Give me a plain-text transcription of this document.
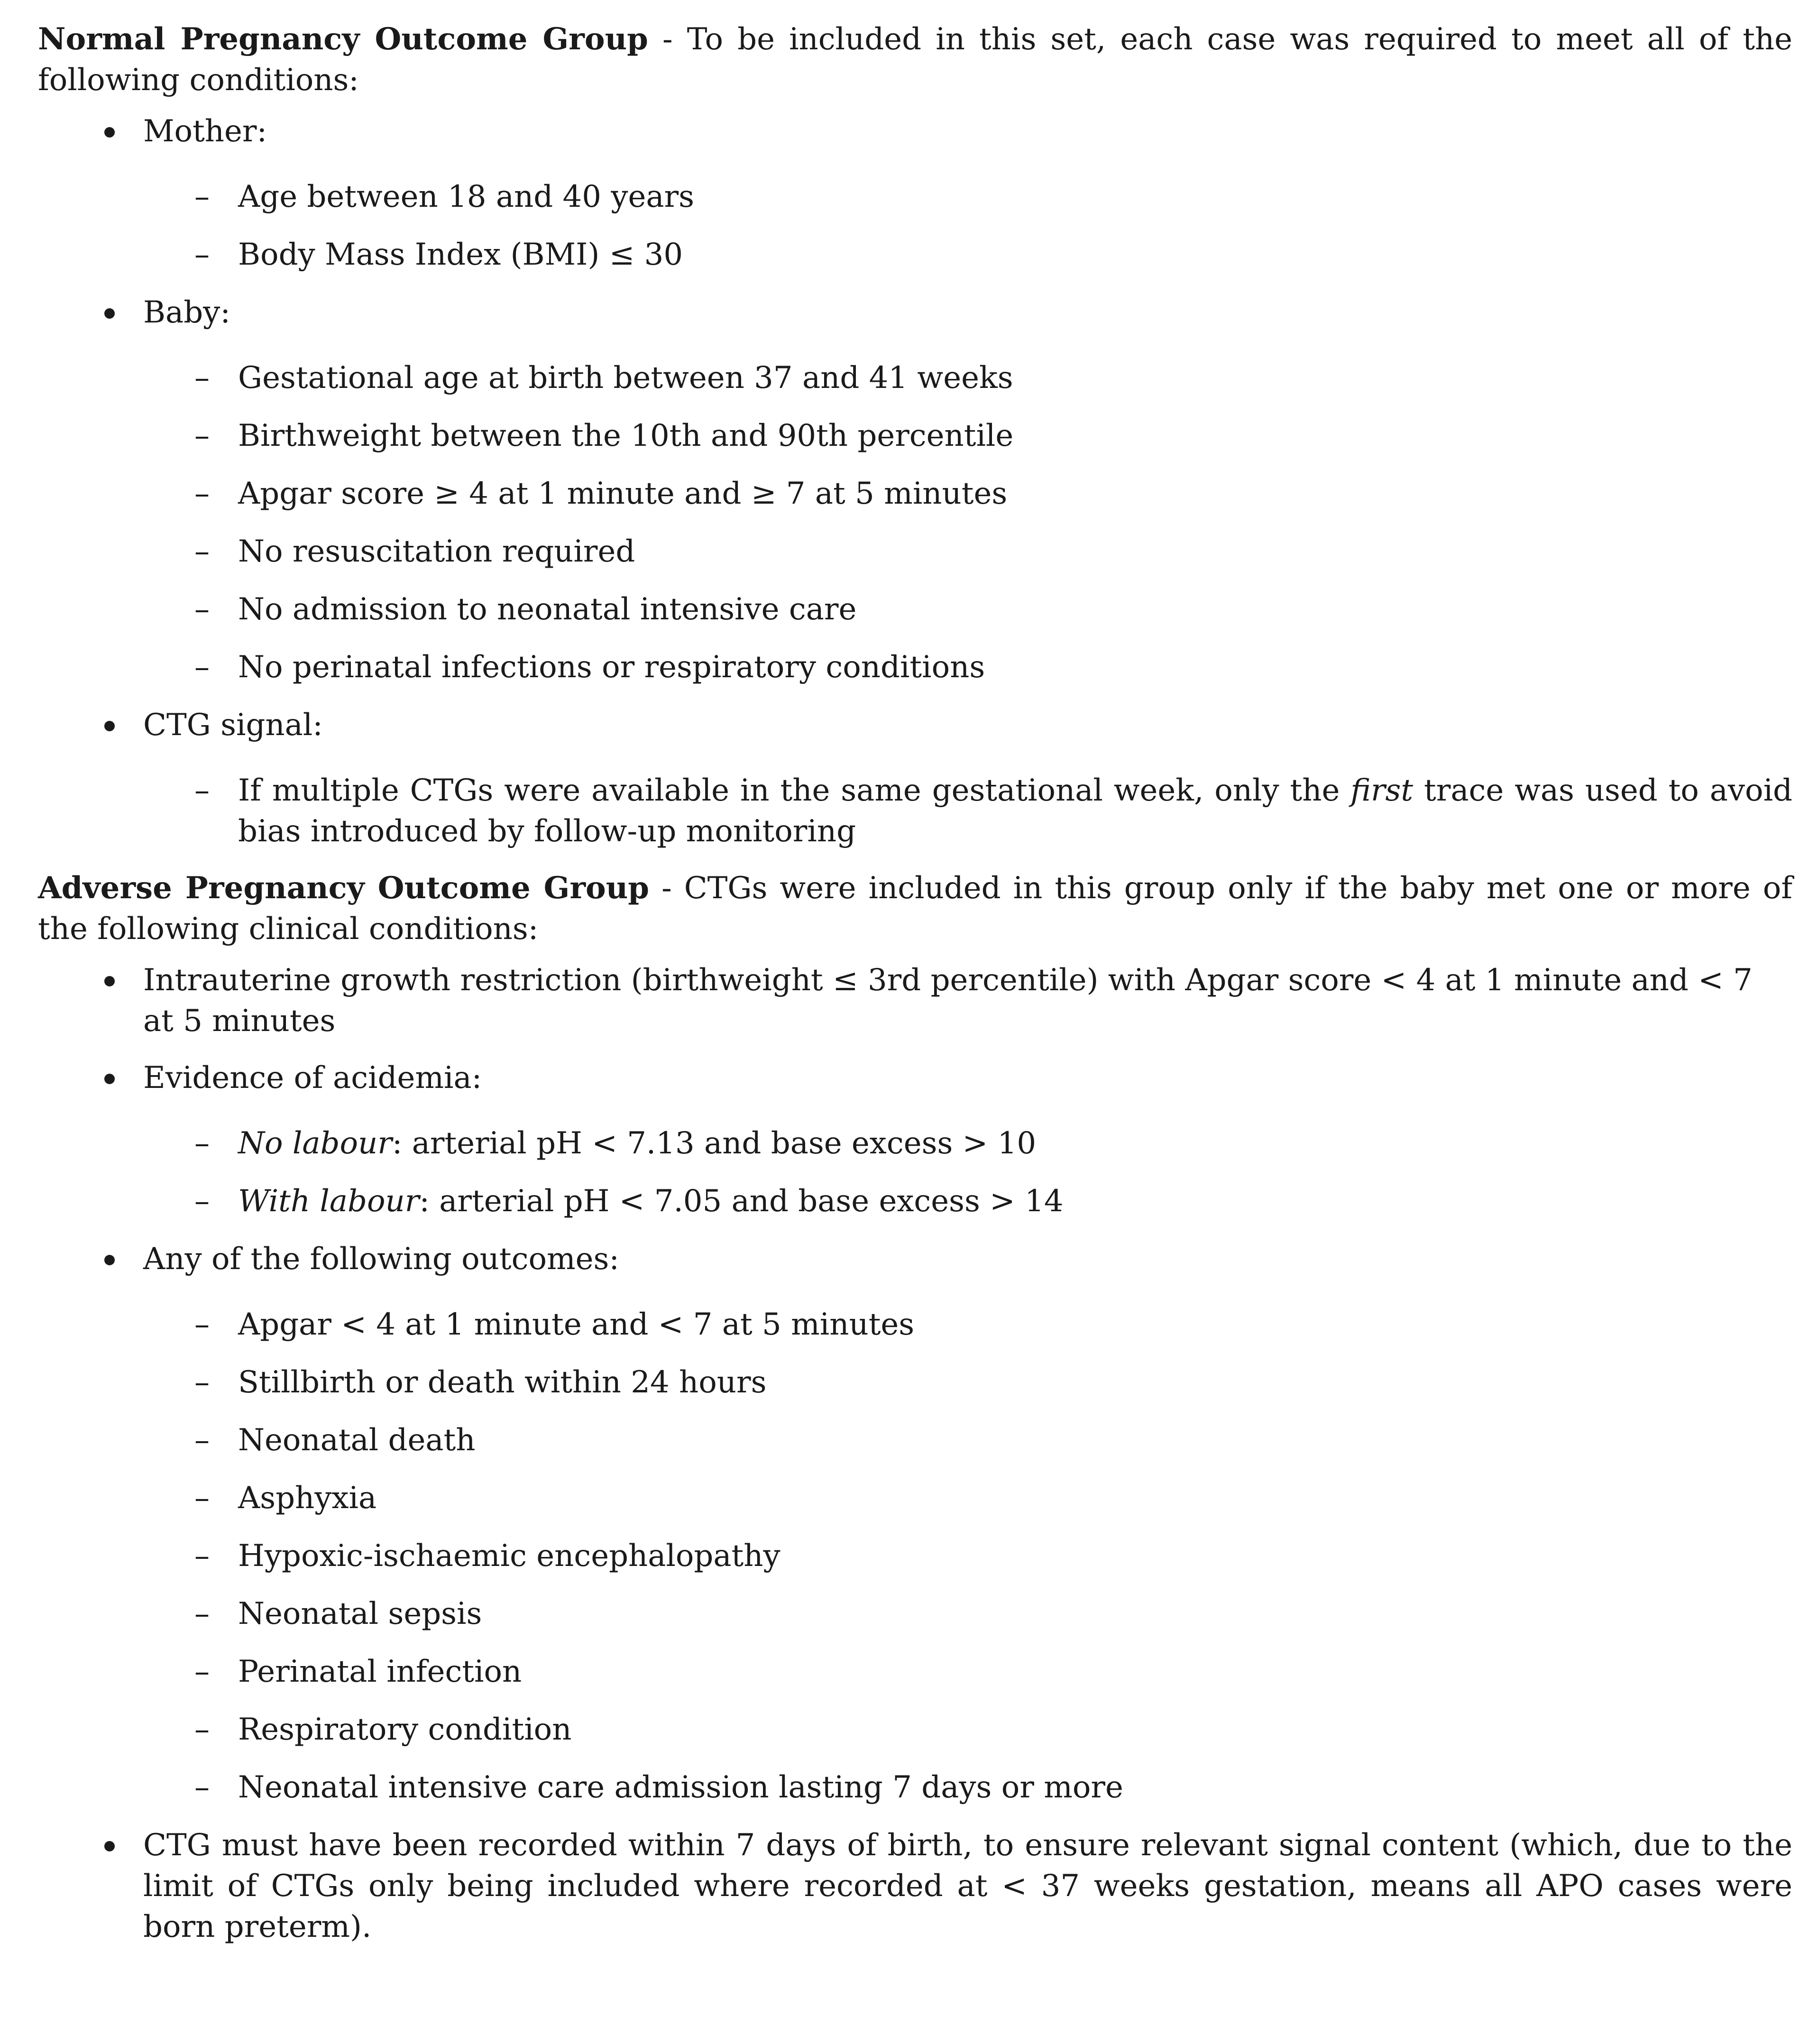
Normal Pregnancy Outcome Group - To be included in this set, each case was required to meet all of the following conditions:

Mother:
– Age between 18 and 40 years
– Body Mass Index (BMI) ≤ 30
Baby:
– Gestational age at birth between 37 and 41 weeks
– Birthweight between the 10th and 90th percentile
– Apgar score ≥ 4 at 1 minute and ≥ 7 at 5 minutes
– No resuscitation required
– No admission to neonatal intensive care
– No perinatal infections or respiratory conditions
CTG signal:
– If multiple CTGs were available in the same gestational week, only the first trace was used to avoid bias introduced by follow-up monitoring

Adverse Pregnancy Outcome Group - CTGs were included in this group only if the baby met one or more of the following clinical conditions:

Intrauterine growth restriction (birthweight ≤ 3rd percentile) with Apgar score < 4 at 1 minute and < 7 at 5 minutes
Evidence of acidemia:
– No labour: arterial pH < 7.13 and base excess > 10
– With labour: arterial pH < 7.05 and base excess > 14
Any of the following outcomes:
– Apgar < 4 at 1 minute and < 7 at 5 minutes
– Stillbirth or death within 24 hours
– Neonatal death
– Asphyxia
– Hypoxic-ischaemic encephalopathy
– Neonatal sepsis
– Perinatal infection
– Respiratory condition
– Neonatal intensive care admission lasting 7 days or more
CTG must have been recorded within 7 days of birth, to ensure relevant signal content (which, due to the limit of CTGs only being included where recorded at < 37 weeks gestation, means all APO cases were born preterm).
